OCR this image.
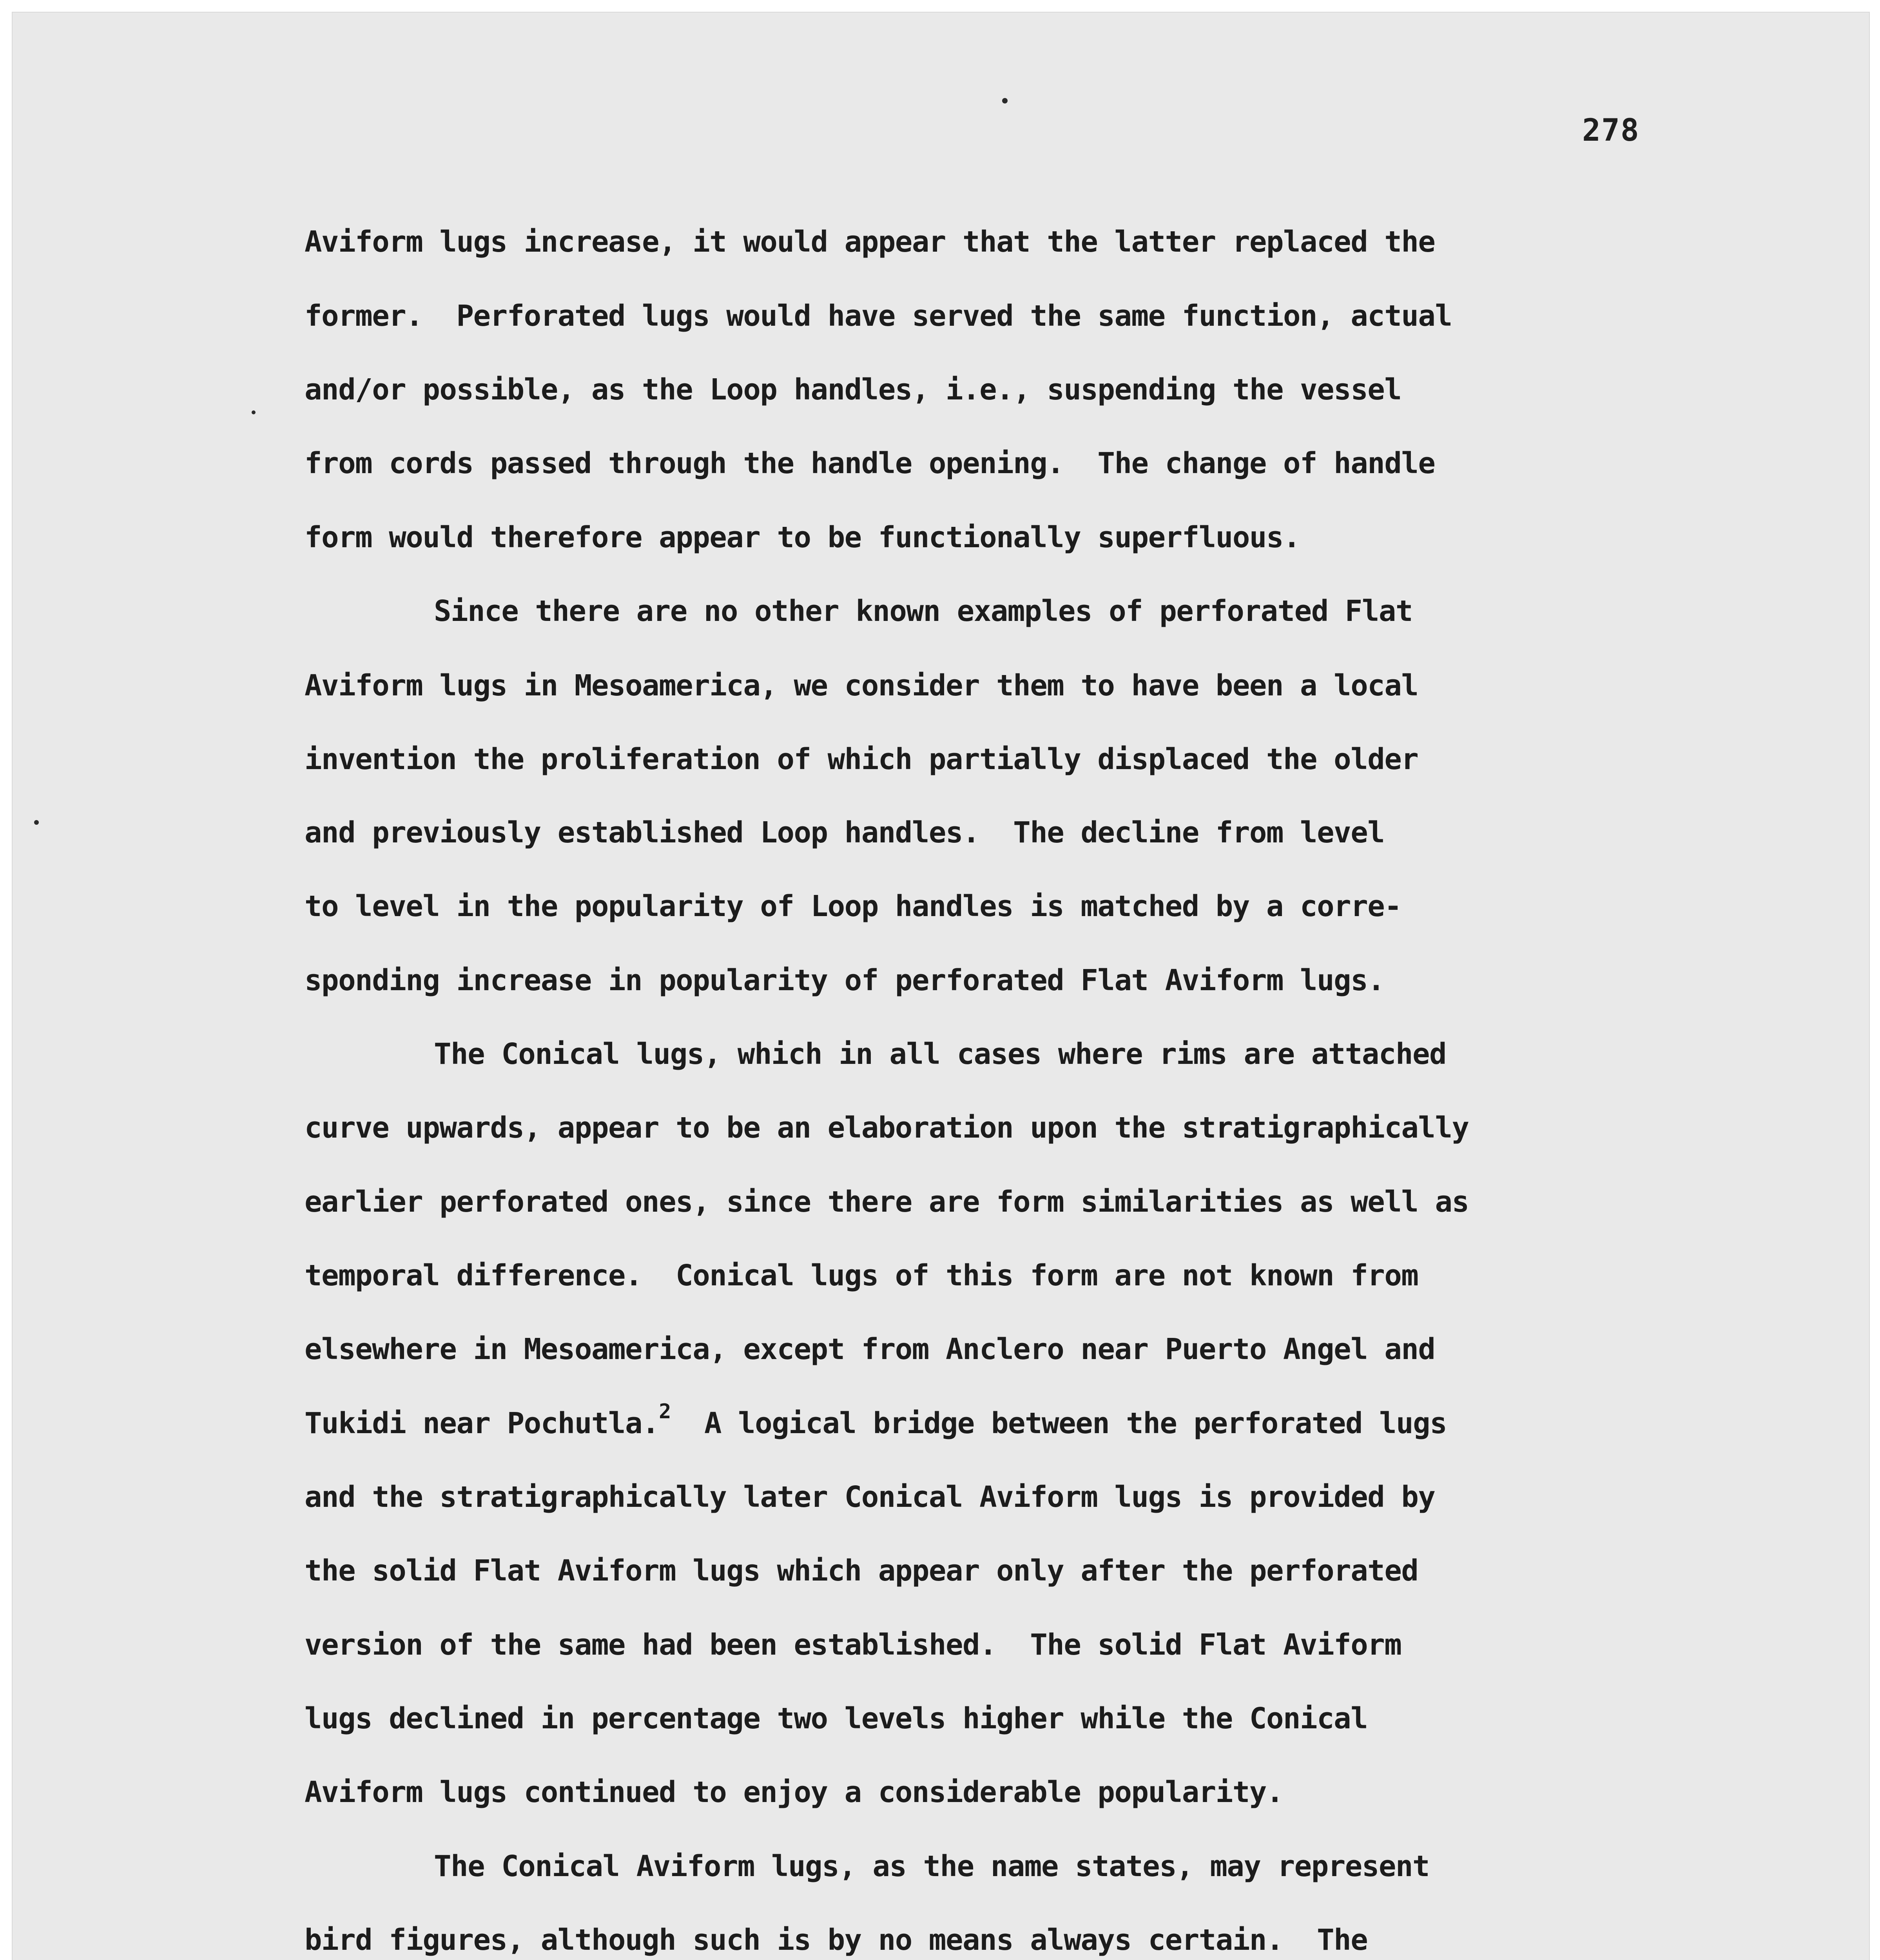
278
Aviform lugs increase, it would appear that the latter replaced the
former.  Perforated lugs would have served the same function, actual
and/or possible, as the Loop handles, i.e., suspending the vessel
from cords passed through the handle opening.  The change of handle
form would therefore appear to be functionally superfluous.
Since there are no other known examples of perforated Flat
Aviform lugs in Mesoamerica, we consider them to have been a local
invention the proliferation of which partially displaced the older
and previously established Loop handles.  The decline from level
to level in the popularity of Loop handles is matched by a corre-
sponding increase in popularity of perforated Flat Aviform lugs.
The Conical lugs, which in all cases where rims are attached
curve upwards, appear to be an elaboration upon the stratigraphically
earlier perforated ones, since there are form similarities as well as
temporal difference.  Conical lugs of this form are not known from
elsewhere in Mesoamerica, except from Anclero near Puerto Angel and
Tukidi near Pochutla.$^2$  A logical bridge between the perforated lugs
and the stratigraphically later Conical Aviform lugs is provided by
the solid Flat Aviform lugs which appear only after the perforated
version of the same had been established.  The solid Flat Aviform
lugs declined in percentage two levels higher while the Conical
Aviform lugs continued to enjoy a considerable popularity.
The Conical Aviform lugs, as the name states, may represent
bird figures, although such is by no means always certain.  The
